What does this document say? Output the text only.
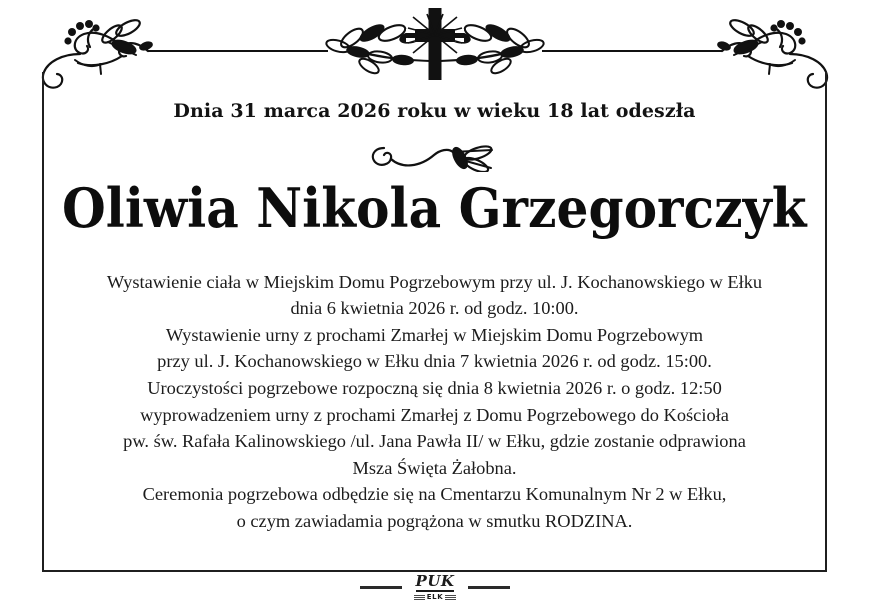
Dnia 31 marca 2026 roku w wieku 18 lat odeszła
Oliwia Nikola Grzegorczyk
Wystawienie ciała w Miejskim Domu Pogrzebowym przy ul. J. Kochanowskiego w Ełku
dnia 6 kwietnia 2026 r. od godz. 10:00.
Wystawienie urny z prochami Zmarłej w Miejskim Domu Pogrzebowym
przy ul. J. Kochanowskiego w Ełku dnia 7 kwietnia 2026 r. od godz. 15:00.
Uroczystości pogrzebowe rozpoczną się dnia 8 kwietnia 2026 r. o godz. 12:50
wyprowadzeniem urny z prochami Zmarłej z Domu Pogrzebowego do Kościoła
pw. św. Rafała Kalinowskiego /ul. Jana Pawła II/ w Ełku, gdzie zostanie odprawiona
Msza Święta Żałobna.
Ceremonia pogrzebowa odbędzie się na Cmentarzu Komunalnym Nr 2 w Ełku,
o czym zawiadamia pogrążona w smutku RODZINA.
PUK
ELK
